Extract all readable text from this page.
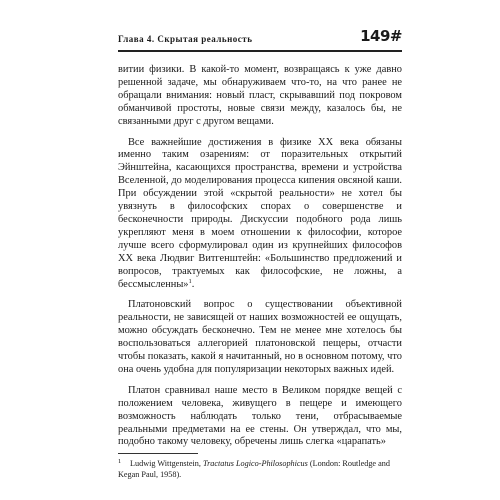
Глава 4. Скрытая реальность	149#

витии физики. В какой-то момент, возвращаясь к уже давно решенной задаче, мы обнаруживаем что-то, на что ранее не обращали внимания: новый пласт, скрывавший под покровом обманчивой простоты, новые связи между, казалось бы, не связанными друг с другом вещами.

Все важнейшие достижения в физике XX века обязаны именно таким озарениям: от поразительных открытий Эйнштейна, касающихся пространства, времени и устройства Вселенной, до моделирования процесса кипения овсяной каши. При обсуждении этой «скрытой реальности» не хотел бы увязнуть в философских спорах о совершенстве и бесконечности природы. Дискуссии подобного рода лишь укрепляют меня в моем отношении к философии, которое лучше всего сформулировал один из крупнейших философов XX века Людвиг Витгенштейн: «Большинство предложений и вопросов, трактуемых как философские, не ложны, а бессмысленны»$^1$.

Платоновский вопрос о существовании объективной реальности, не зависящей от наших возможностей ее ощущать, можно обсуждать бесконечно. Тем не менее мне хотелось бы воспользоваться аллегорией платоновской пещеры, отчасти чтобы показать, какой я начитанный, но в основном потому, что она очень удобна для популяризации некоторых важных идей.

Платон сравнивал наше место в Великом порядке вещей с положением человека, живущего в пещере и имеющего возможность наблюдать только тени, отбрасываемые реальными предметами на ее стены. Он утверждал, что мы, подобно такому человеку, обречены лишь слегка «царапать»

1 Ludwig Wittgenstein, Tractatus Logico-Philosophicus (London: Routledge and Kegan Paul, 1958).
